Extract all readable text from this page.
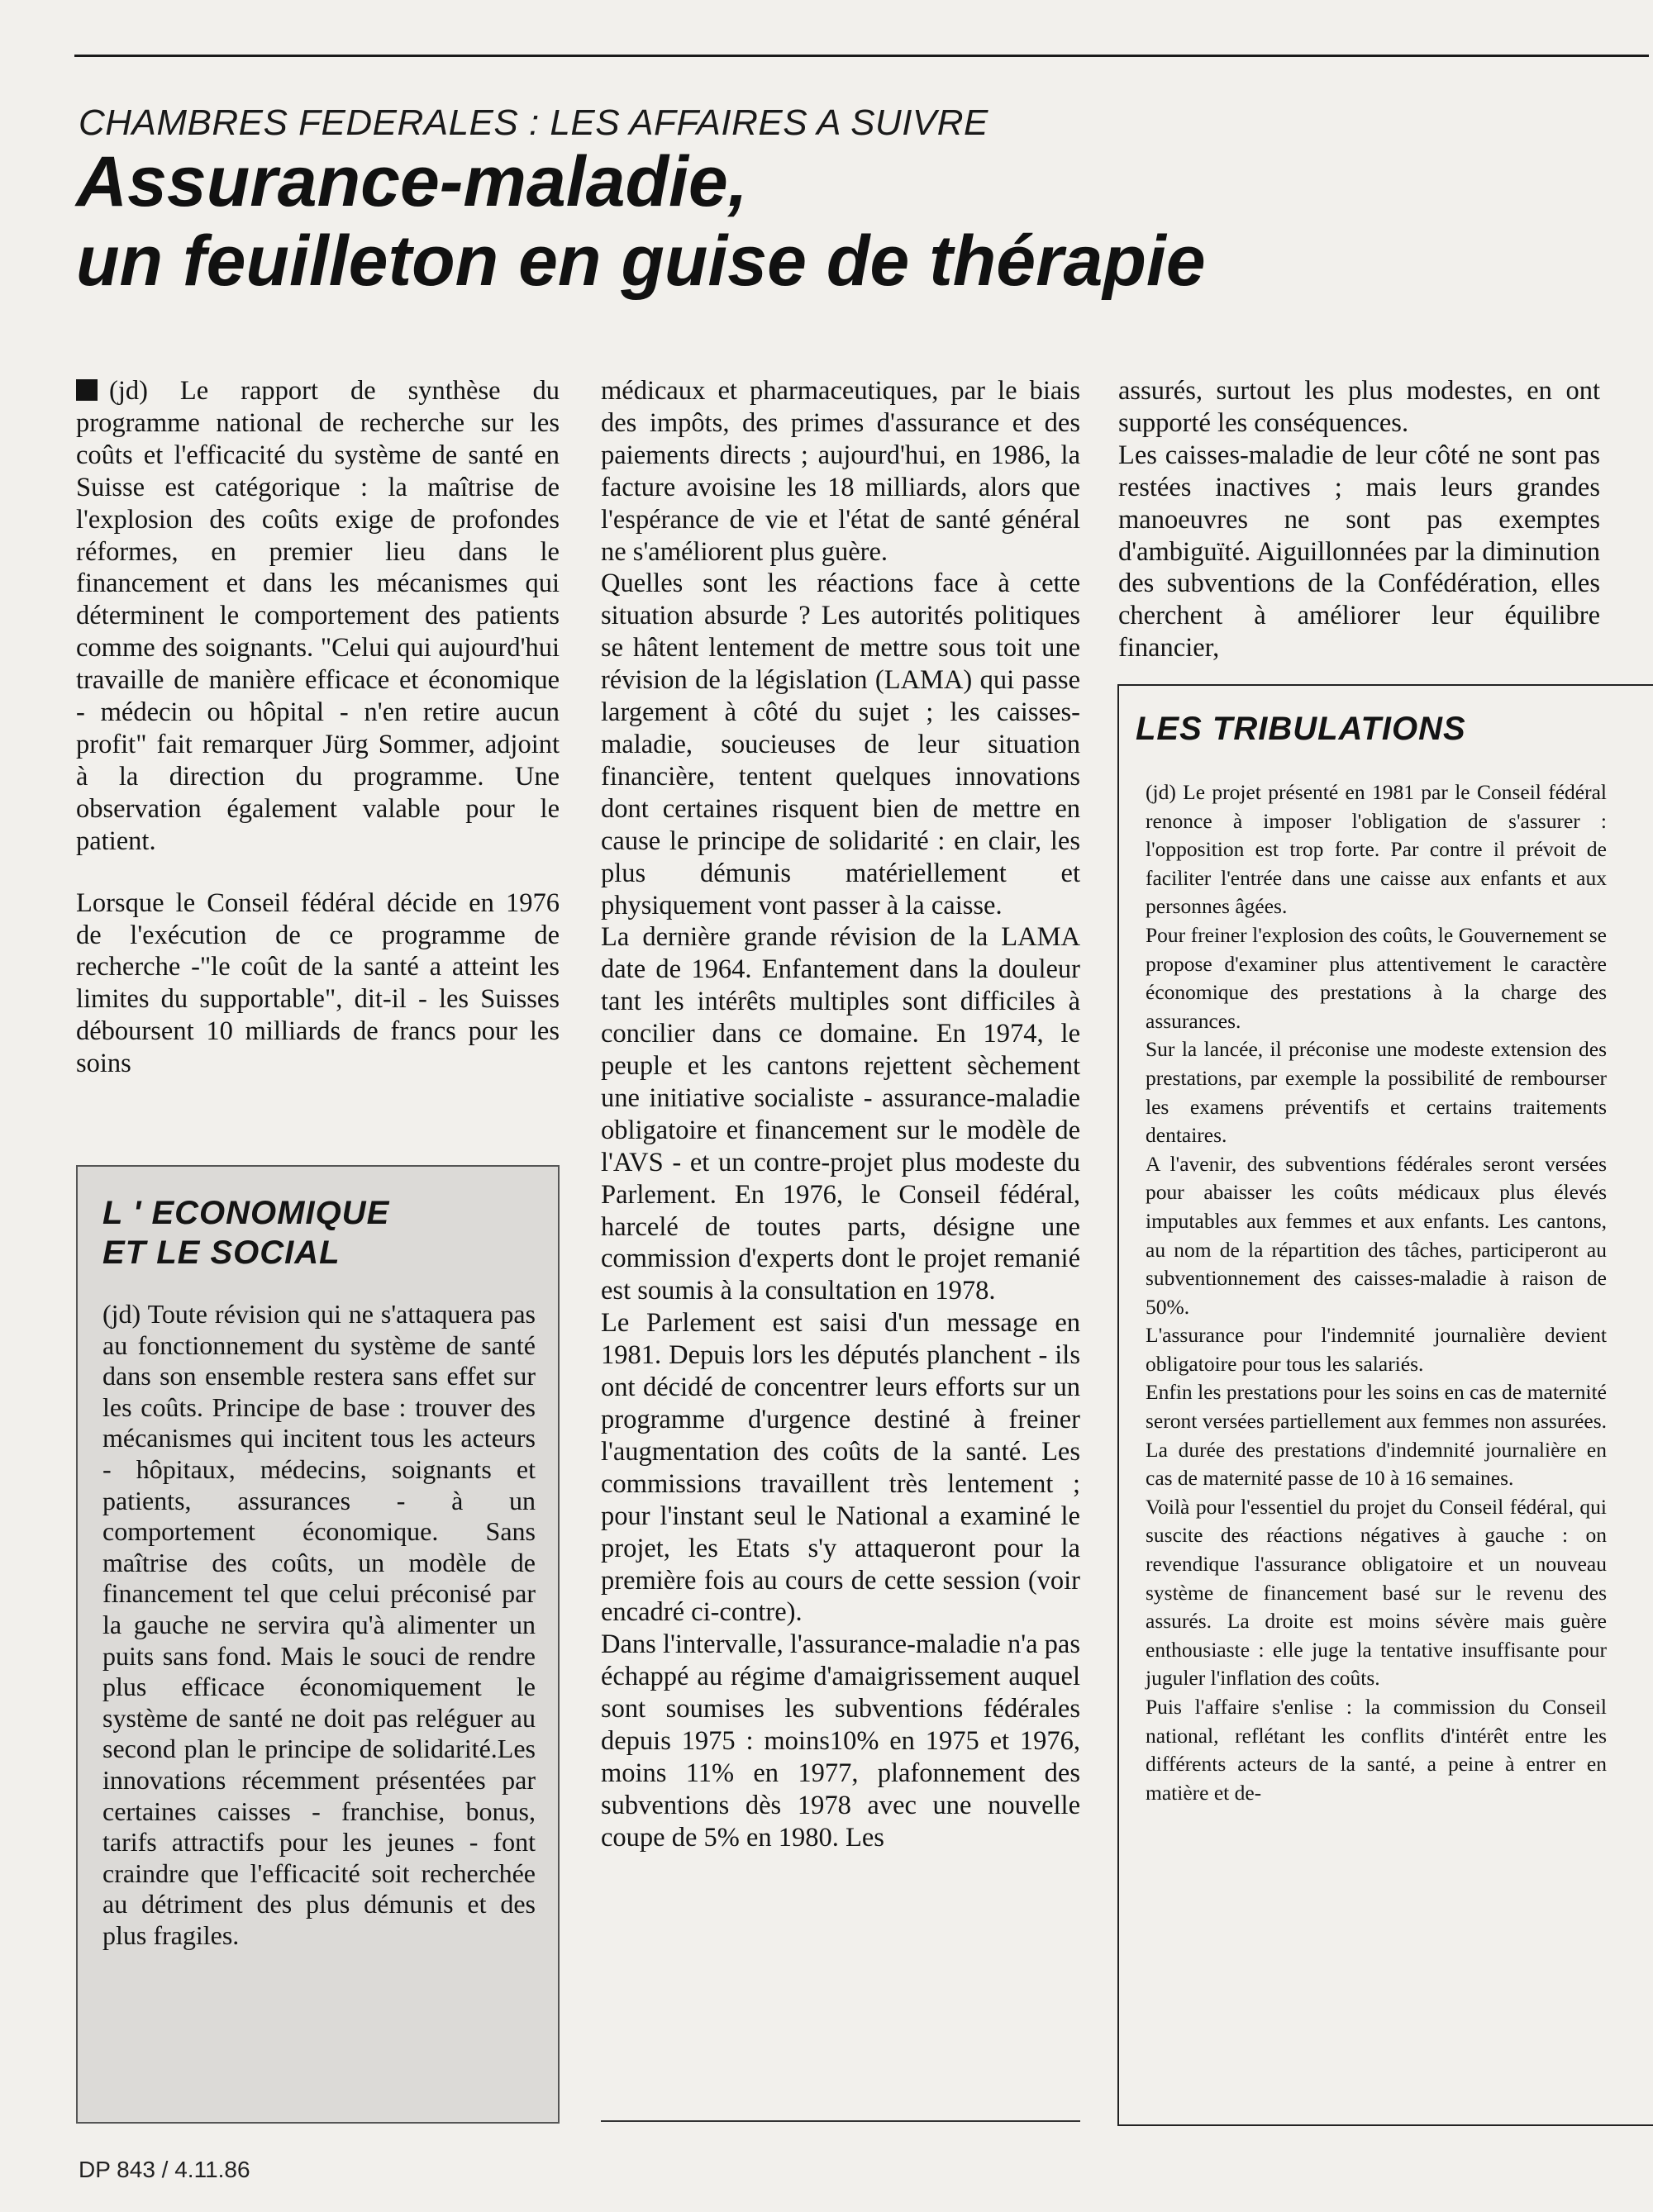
CHAMBRES FEDERALES : LES AFFAIRES A SUIVRE
Assurance-maladie,
un feuilleton en guise de thérapie

(jd) Le rapport de synthèse du programme national de recherche sur les coûts et l'efficacité du système de santé en Suisse est catégorique : la maîtrise de l'explosion des coûts exige de profondes réformes, en premier lieu dans le financement et dans les mécanismes qui déterminent le comportement des patients comme des soignants. "Celui qui aujourd'hui travaille de manière efficace et économique - médecin ou hôpital - n'en retire aucun profit" fait remarquer Jürg Sommer, adjoint à la direction du programme. Une observation également valable pour le patient.

Lorsque le Conseil fédéral décide en 1976 de l'exécution de ce programme de recherche -"le coût de la santé a atteint les limites du supportable", dit-il - les Suisses déboursent 10 milliards de francs pour les soins

L ' ECONOMIQUE
ET LE SOCIAL
(jd) Toute révision qui ne s'attaquera pas au fonctionnement du système de santé dans son ensemble restera sans effet sur les coûts. Principe de base : trouver des mécanismes qui incitent tous les acteurs - hôpitaux, médecins, soignants et patients, assurances - à un comportement économique. Sans maîtrise des coûts, un modèle de financement tel que celui préconisé par la gauche ne servira qu'à alimenter un puits sans fond. Mais le souci de rendre plus efficace économiquement le système de santé ne doit pas reléguer au second plan le principe de solidarité.Les innovations récemment présentées par certaines caisses - franchise, bonus, tarifs attractifs pour les jeunes - font craindre que l'efficacité soit recherchée au détriment des plus démunis et des plus fragiles.

médicaux et pharmaceutiques, par le biais des impôts, des primes d'assurance et des paiements directs ; aujourd'hui, en 1986, la facture avoisine les 18 milliards, alors que l'espérance de vie et l'état de santé général ne s'améliorent plus guère.

Quelles sont les réactions face à cette situation absurde ? Les autorités politiques se hâtent lentement de mettre sous toit une révision de la législation (LAMA) qui passe largement à côté du sujet ; les caisses-maladie, soucieuses de leur situation financière, tentent quelques innovations dont certaines risquent bien de mettre en cause le principe de solidarité : en clair, les plus démunis matériellement et physiquement vont passer à la caisse.

La dernière grande révision de la LAMA date de 1964. Enfantement dans la douleur tant les intérêts multiples sont difficiles à concilier dans ce domaine. En 1974, le peuple et les cantons rejettent sèchement une initiative socialiste - assurance-maladie obligatoire et financement sur le modèle de l'AVS - et un contre-projet plus modeste du Parlement. En 1976, le Conseil fédéral, harcelé de toutes parts, désigne une commission d'experts dont le projet remanié est soumis à la consultation en 1978.

Le Parlement est saisi d'un message en 1981. Depuis lors les députés planchent - ils ont décidé de concentrer leurs efforts sur un programme d'urgence destiné à freiner l'augmentation des coûts de la santé. Les commissions travaillent très lentement ; pour l'instant seul le National a examiné le projet, les Etats s'y attaqueront pour la première fois au cours de cette session (voir encadré ci-contre).

Dans l'intervalle, l'assurance-maladie n'a pas échappé au régime d'amaigrissement auquel sont soumises les subventions fédérales depuis 1975 : moins10% en 1975 et 1976, moins 11% en 1977, plafonnement des subventions dès 1978 avec une nouvelle coupe de 5% en 1980. Les

assurés, surtout les plus modestes, en ont supporté les conséquences.

Les caisses-maladie de leur côté ne sont pas restées inactives ; mais leurs grandes manoeuvres ne sont pas exemptes d'ambiguïté. Aiguillonnées par la diminution des subventions de la Confédération, elles cherchent à améliorer leur équilibre financier,

LES TRIBULATIONS

(jd) Le projet présenté en 1981 par le Conseil fédéral renonce à imposer l'obligation de s'assurer : l'opposition est trop forte. Par contre il prévoit de faciliter l'entrée dans une caisse aux enfants et aux personnes âgées.

Pour freiner l'explosion des coûts, le Gouvernement se propose d'examiner plus attentivement le caractère économique des prestations à la charge des assurances.

Sur la lancée, il préconise une modeste extension des prestations, par exemple la possibilité de rembourser les examens préventifs et certains traitements dentaires.

A l'avenir, des subventions fédérales seront versées pour abaisser les coûts médicaux plus élevés imputables aux femmes et aux enfants. Les cantons, au nom de la répartition des tâches, participeront au subventionnement des caisses-maladie à raison de 50%.

L'assurance pour l'indemnité journalière devient obligatoire pour tous les salariés.

Enfin les prestations pour les soins en cas de maternité seront versées partiellement aux femmes non assurées. La durée des prestations d'indemnité journalière en cas de maternité passe de 10 à 16 semaines.

Voilà pour l'essentiel du projet du Conseil fédéral, qui suscite des réactions négatives à gauche : on revendique l'assurance obligatoire et un nouveau système de financement basé sur le revenu des assurés. La droite est moins sévère mais guère enthousiaste : elle juge la tentative insuffisante pour juguler l'inflation des coûts.

Puis l'affaire s'enlise : la commission du Conseil national, reflétant les conflits d'intérêt entre les différents acteurs de la santé, a peine à entrer en matière et de-

DP 843 / 4.11.86
